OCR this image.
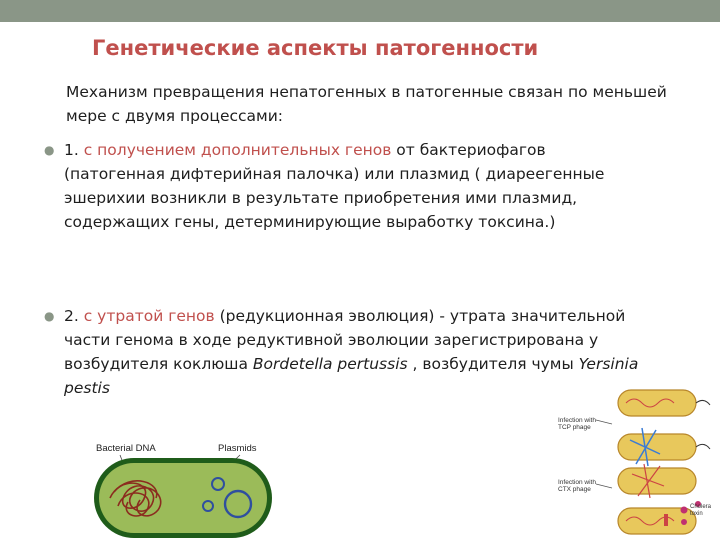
Генетические аспекты патогенности
Механизм превращения непатогенных в патогенные связан по меньшей мере с двумя процессами:
● 1. с получением дополнительных генов от бактериофагов (патогенная дифтерийная палочка) или плазмид ( диареегенные эшерихии возникли в результате приобретения ими плазмид, содержащих гены, детерминирующие выработку токсина.)
● 2. с утратой генов (редукционная эволюция) - утрата значительной части генома в ходе редуктивной эволюции зарегистрирована у возбудителя коклюша Bordetella pertussis , возбудителя чумы Yersinia pestis
Bacterial DNA	Plasmids
Infection with TCP phage
Infection with CTX phage
Cholera toxin
